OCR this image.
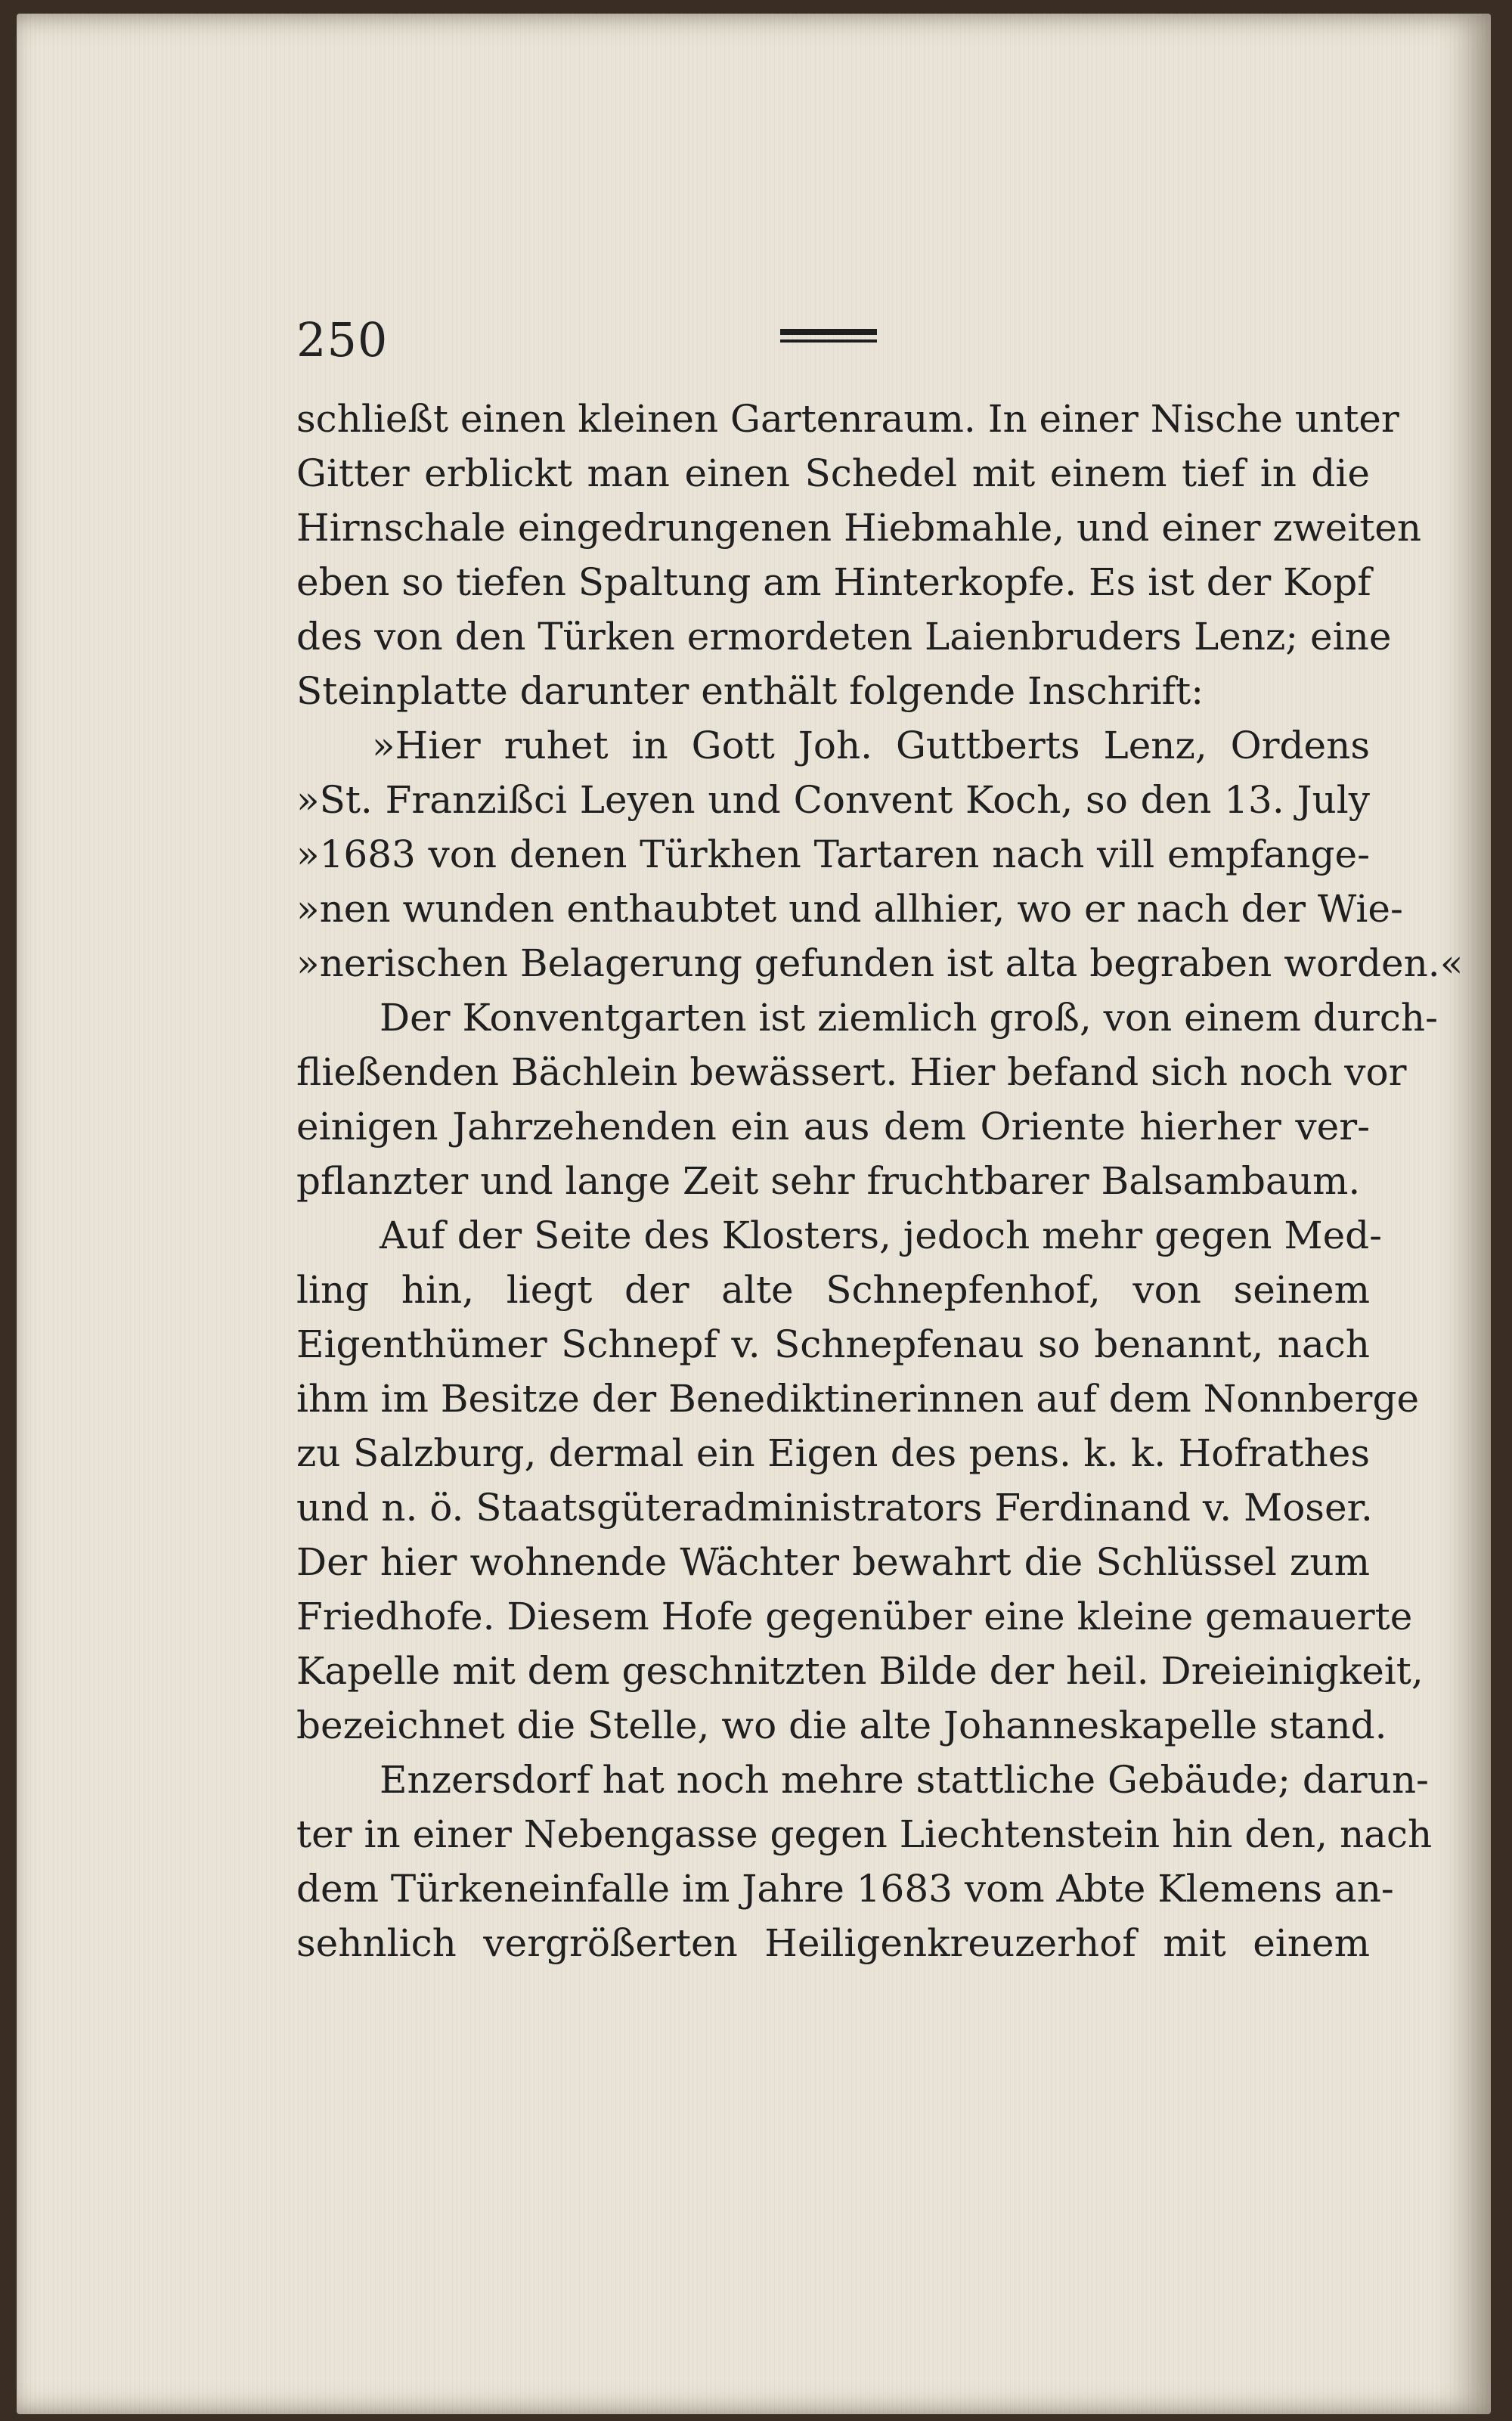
250
schließt einen kleinen Gartenraum. In einer Nische unter
Gitter erblickt man einen Schedel mit einem tief in die
Hirnschale eingedrungenen Hiebmahle, und einer zweiten
eben so tiefen Spaltung am Hinterkopfe. Es ist der Kopf
des von den Türken ermordeten Laienbruders Lenz; eine
Steinplatte darunter enthält folgende Inschrift:
»Hier ruhet in Gott Joh. Guttberts Lenz, Ordens
»St. Franzißci Leyen und Convent Koch, so den 13. July
»1683 von denen Türkhen Tartaren nach vill empfange-
»nen wunden enthaubtet und allhier, wo er nach der Wie-
»nerischen Belagerung gefunden ist alta begraben worden.«
Der Konventgarten ist ziemlich groß, von einem durch-
fließenden Bächlein bewässert. Hier befand sich noch vor
einigen Jahrzehenden ein aus dem Oriente hierher ver-
pflanzter und lange Zeit sehr fruchtbarer Balsambaum.
Auf der Seite des Klosters, jedoch mehr gegen Med-
ling hin, liegt der alte Schnepfenhof, von seinem
Eigenthümer Schnepf v. Schnepfenau so benannt, nach
ihm im Besitze der Benediktinerinnen auf dem Nonnberge
zu Salzburg, dermal ein Eigen des pens. k. k. Hofrathes
und n. ö. Staatsgüteradministrators Ferdinand v. Moser.
Der hier wohnende Wächter bewahrt die Schlüssel zum
Friedhofe. Diesem Hofe gegenüber eine kleine gemauerte
Kapelle mit dem geschnitzten Bilde der heil. Dreieinigkeit,
bezeichnet die Stelle, wo die alte Johanneskapelle stand.
Enzersdorf hat noch mehre stattliche Gebäude; darun-
ter in einer Nebengasse gegen Liechtenstein hin den, nach
dem Türkeneinfalle im Jahre 1683 vom Abte Klemens an-
sehnlich vergrößerten Heiligenkreuzerhof mit einem
